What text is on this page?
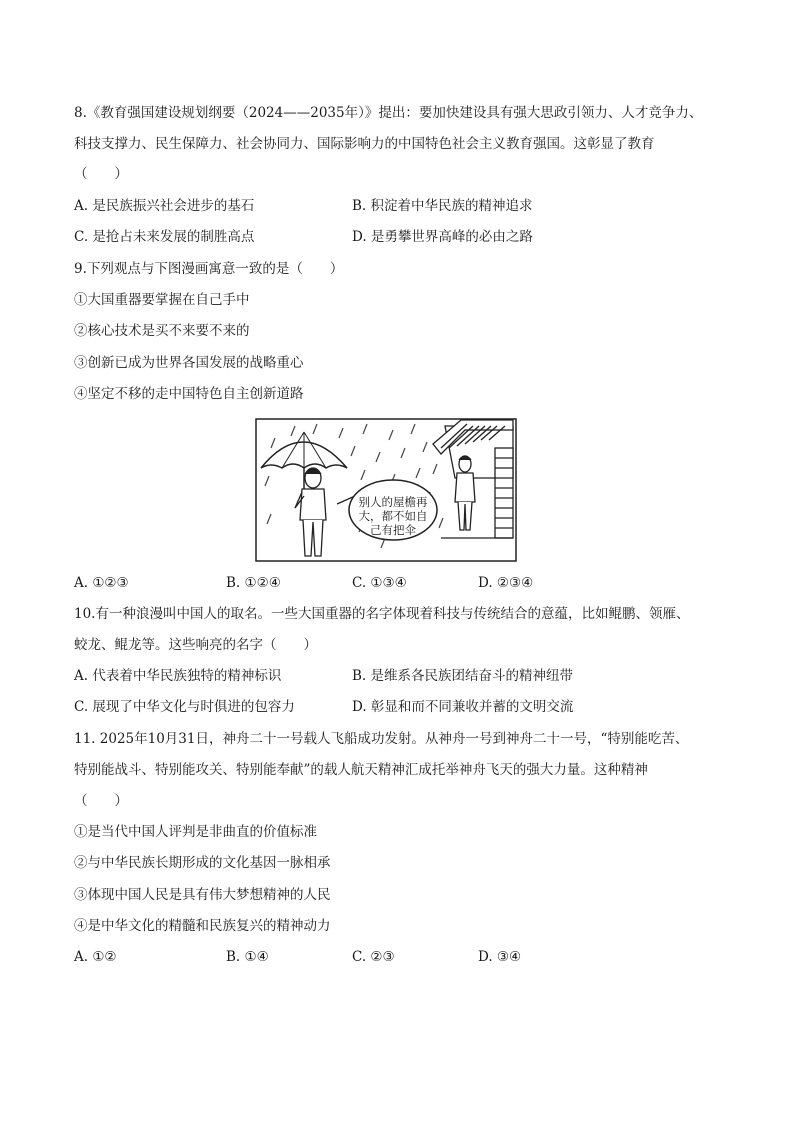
8.《教育强国建设规划纲要（2024——2035年）》提出：要加快建设具有强大思政引领力、人才竞争力、
科技支撑力、民生保障力、社会协同力、国际影响力的中国特色社会主义教育强国。这彰显了教育
（　　）
A. 是民族振兴社会进步的基石	B. 积淀着中华民族的精神追求
C. 是抢占未来发展的制胜高点	D. 是勇攀世界高峰的必由之路
9.下列观点与下图漫画寓意一致的是（　　）
①大国重器要掌握在自己手中
②核心技术是买不来要不来的
③创新已成为世界各国发展的战略重心
④坚定不移的走中国特色自主创新道路
别人的屋檐再
大，都不如自
己有把伞
A. ①②③	B. ①②④	C. ①③④	D. ②③④
10.有一种浪漫叫中国人的取名。一些大国重器的名字体现着科技与传统结合的意蕴，比如鲲鹏、领雁、
蛟龙、鲲龙等。这些响亮的名字（　　）
A. 代表着中华民族独特的精神标识	B. 是维系各民族团结奋斗的精神纽带
C. 展现了中华文化与时俱进的包容力	D. 彰显和而不同兼收并蓄的文明交流
11. 2025年10月31日，神舟二十一号载人飞船成功发射。从神舟一号到神舟二十一号，“特别能吃苦、
特别能战斗、特别能攻关、特别能奉献”的载人航天精神汇成托举神舟飞天的强大力量。这种精神
（　　）
①是当代中国人评判是非曲直的价值标准
②与中华民族长期形成的文化基因一脉相承
③体现中国人民是具有伟大梦想精神的人民
④是中华文化的精髓和民族复兴的精神动力
A. ①②	B. ①④	C. ②③	D. ③④
